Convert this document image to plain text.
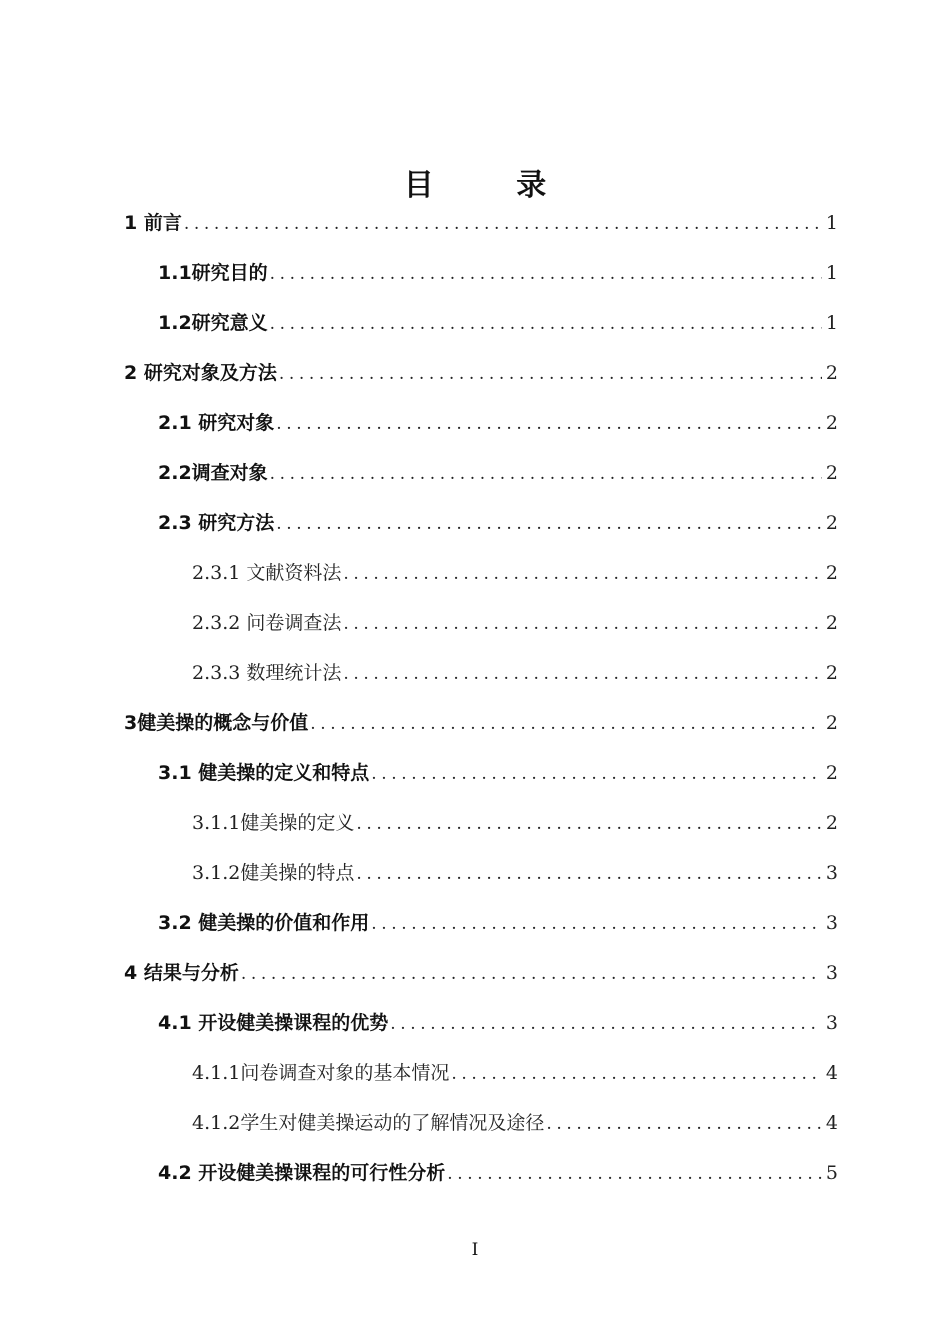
目 录
1 前言 .....	1
1.1研究目的 .....	1
1.2研究意义 .....	1
2 研究对象及方法 .....	2
2.1 研究对象 .....	2
2.2调查对象 .....	2
2.3 研究方法 .....	2
2.3.1 文献资料法 .....	2
2.3.2 问卷调查法 .....	2
2.3.3 数理统计法 .....	2
3健美操的概念与价值 .....	2
3.1 健美操的定义和特点 .....	2
3.1.1健美操的定义 .....	2
3.1.2健美操的特点 .....	3
3.2 健美操的价值和作用 .....	3
4 结果与分析 .....	3
4.1 开设健美操课程的优势 .....	3
4.1.1问卷调查对象的基本情况 .....	4
4.1.2学生对健美操运动的了解情况及途径 .....	4
4.2 开设健美操课程的可行性分析 .....	5
I
